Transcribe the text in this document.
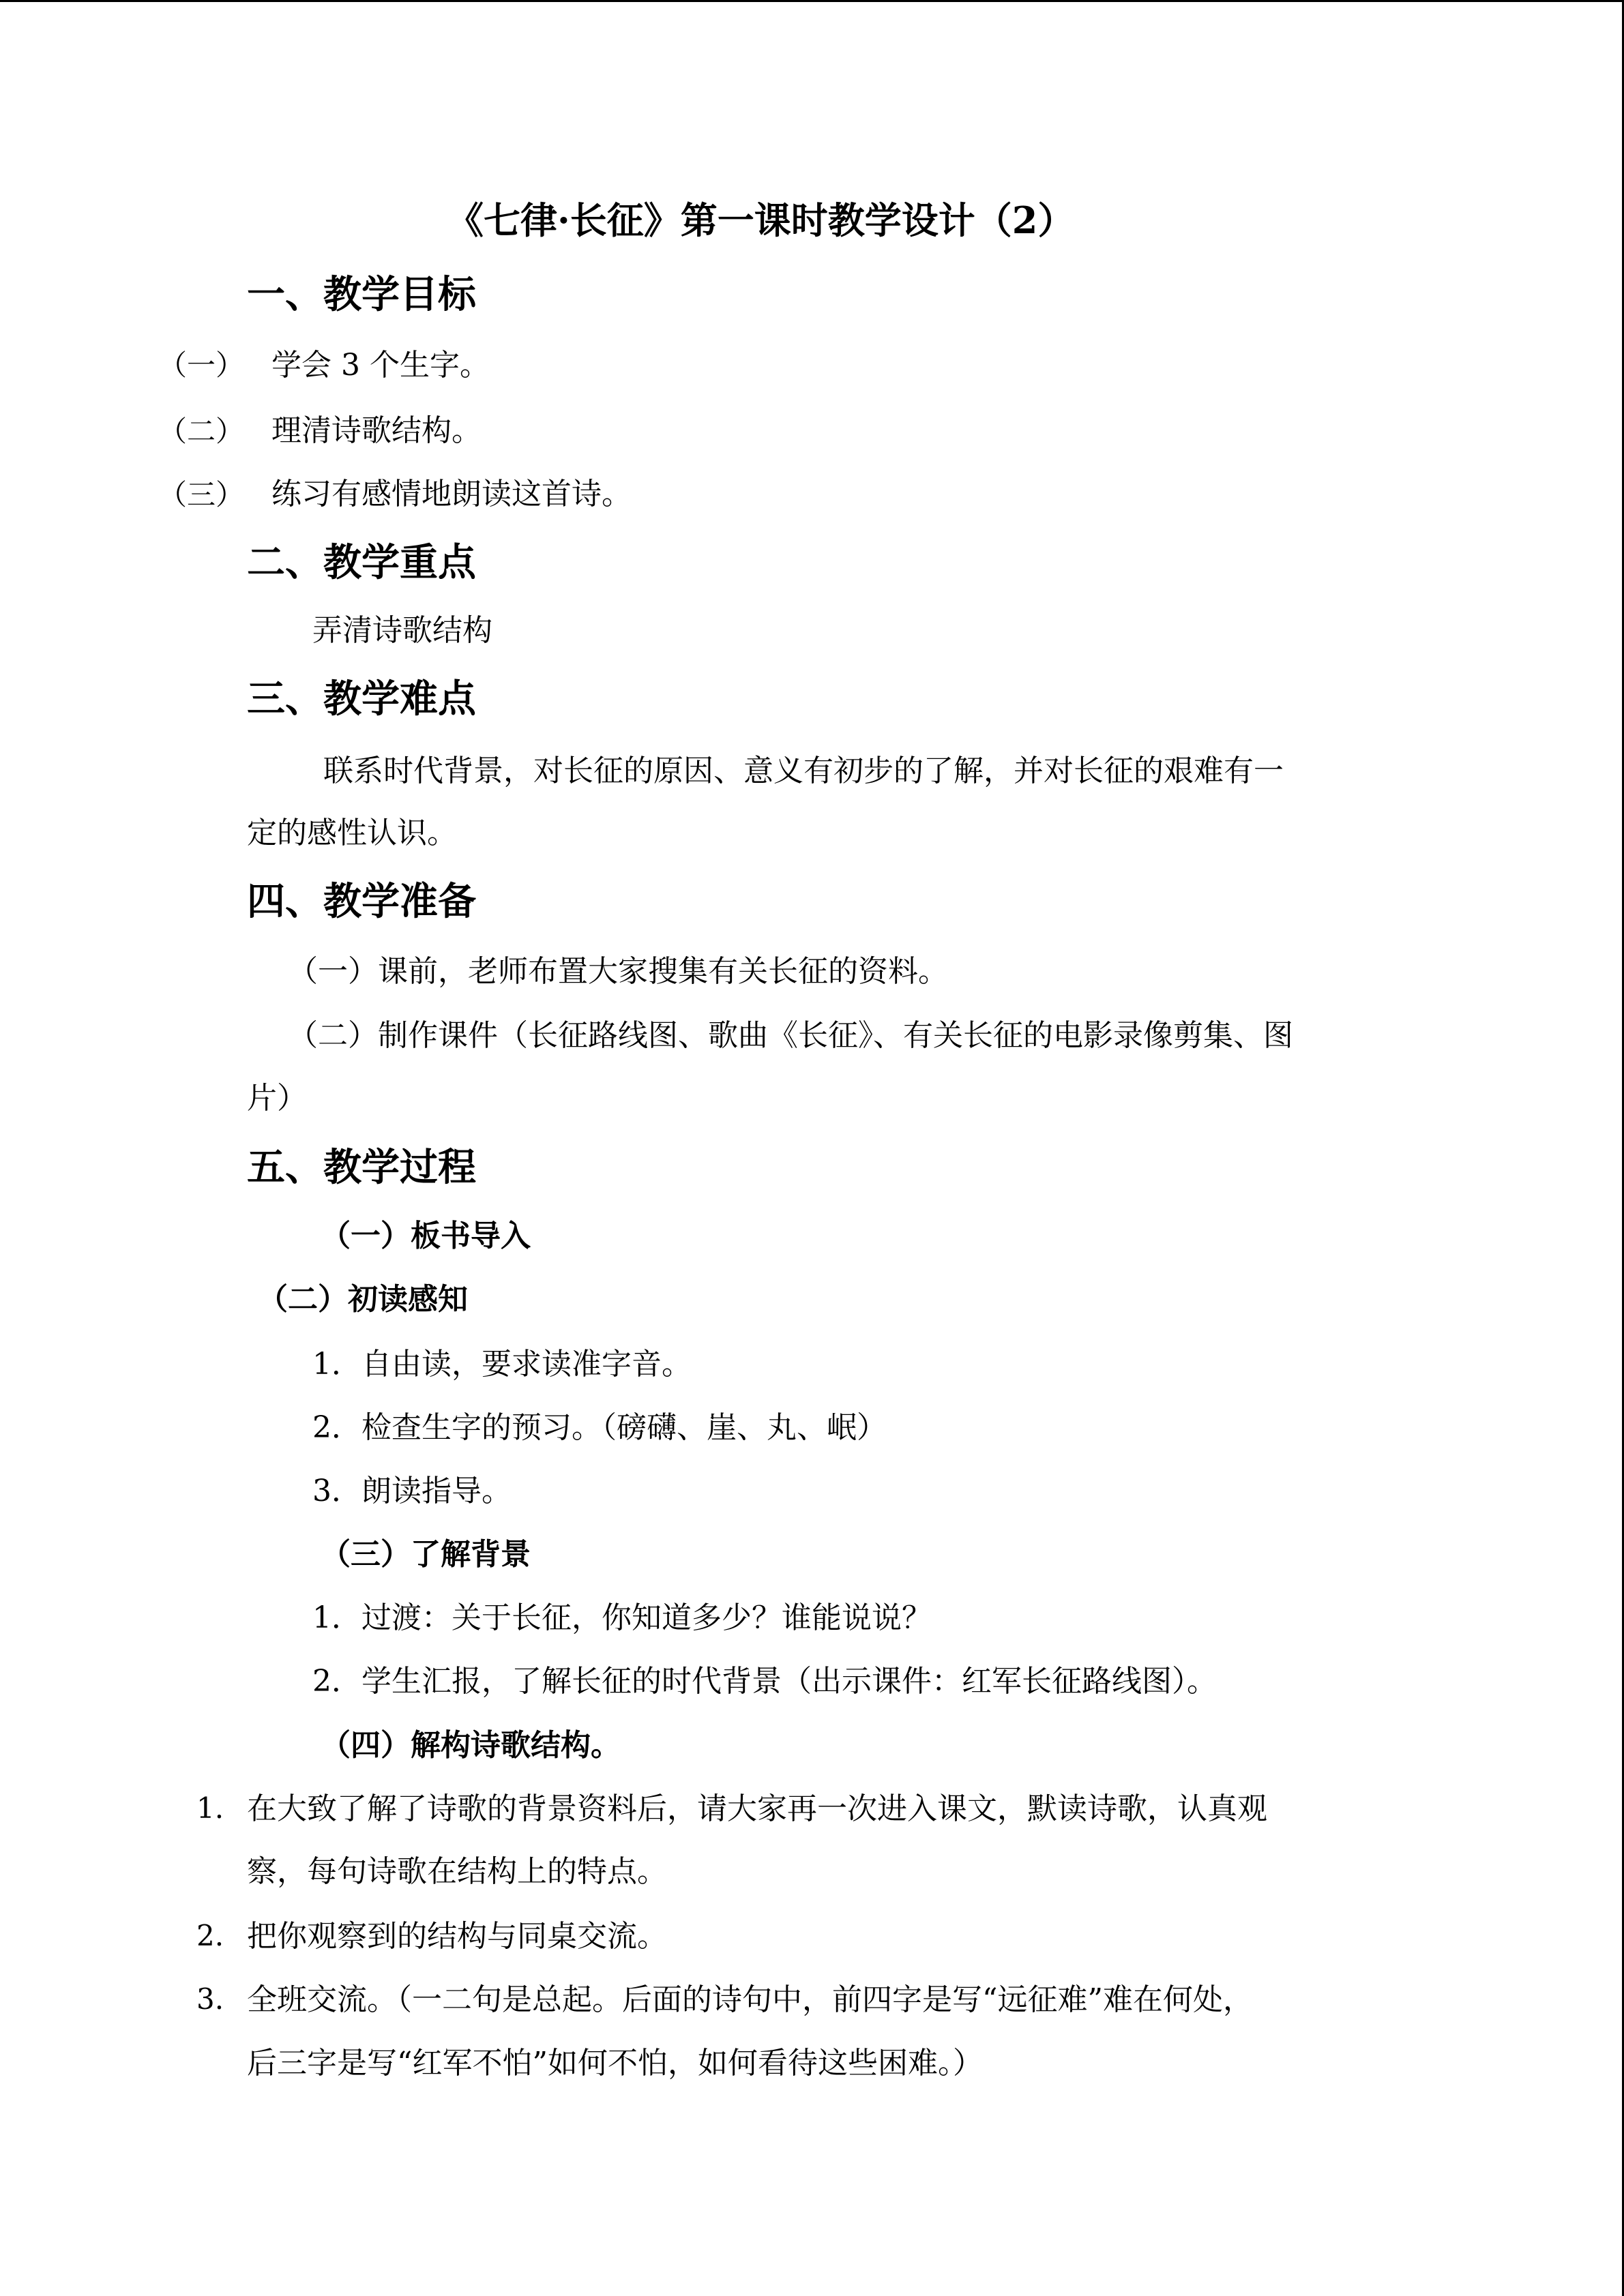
《七律·长征》第一课时教学设计（2）
一、教学目标
（一） 学会 3 个生字。
（二） 理清诗歌结构。
（三） 练习有感情地朗读这首诗。
二、教学重点
弄清诗歌结构
三、教学难点
联系时代背景，对长征的原因、意义有初步的了解，并对长征的艰难有一
定的感性认识。
四、教学准备
（一）课前，老师布置大家搜集有关长征的资料。
（二）制作课件（长征路线图、歌曲《长征》、有关长征的电影录像剪集、图
片）
五、教学过程
（一）板书导入
（二）初读感知
1．自由读，要求读准字音。
2．检查生字的预习。（磅礴、崖、丸、岷）
3．朗读指导。
（三）了解背景
1．过渡：关于长征，你知道多少？谁能说说？
2．学生汇报，了解长征的时代背景（出示课件：红军长征路线图）。
（四）解构诗歌结构。
1. 在大致了解了诗歌的背景资料后，请大家再一次进入课文，默读诗歌，认真观
察，每句诗歌在结构上的特点。
2. 把你观察到的结构与同桌交流。
3. 全班交流。（一二句是总起。后面的诗句中，前四字是写“远征难”难在何处，
后三字是写“红军不怕”如何不怕，如何看待这些困难。）
